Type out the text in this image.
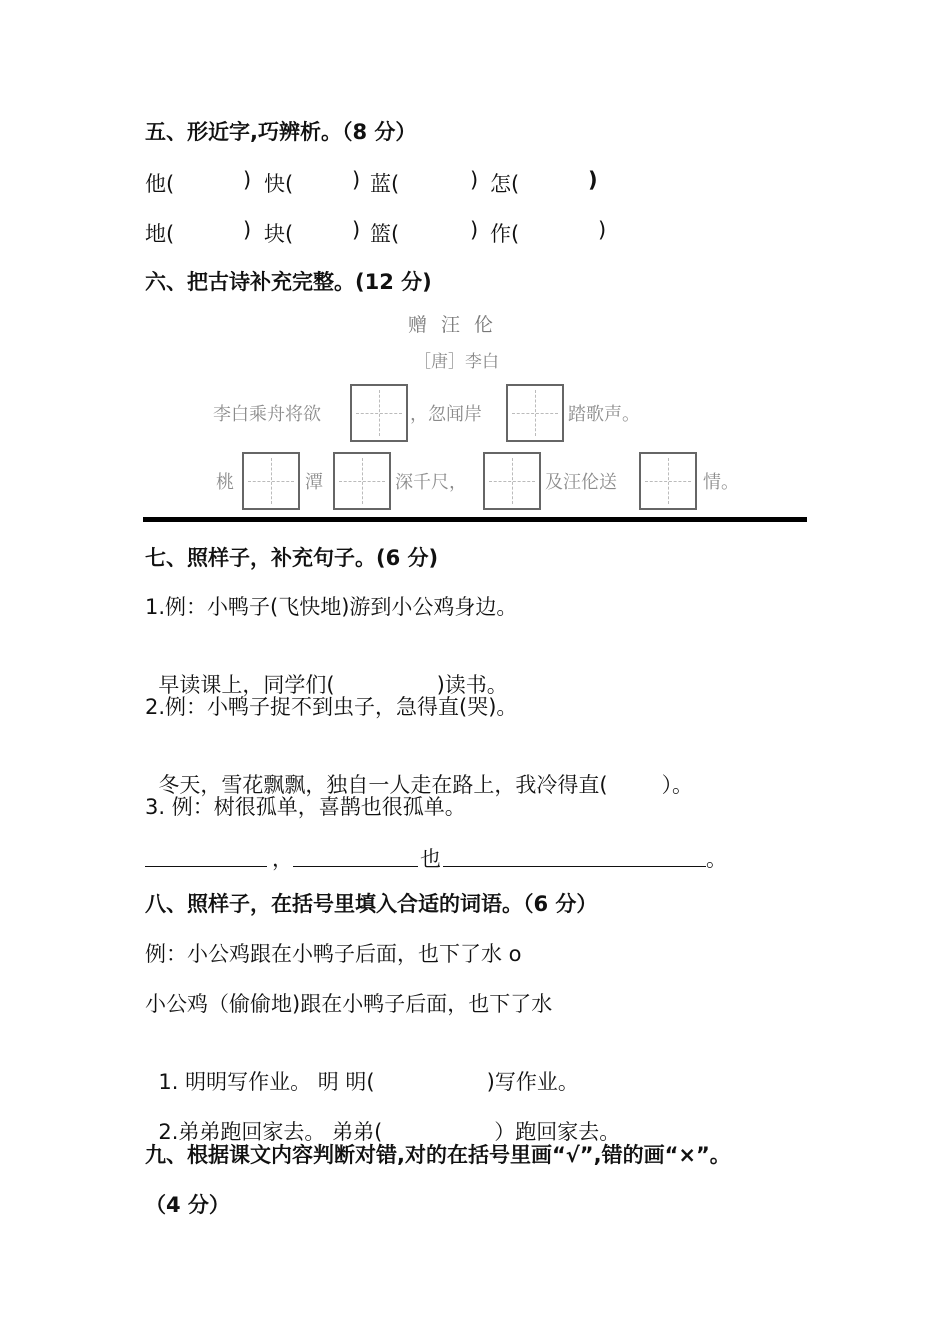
五、形近字,巧辨析。（8 分）
他(	) 快(	) 蓝(	) 怎(	)
地(	) 块(	) 篮(	) 作(	)
六、把古诗补充完整。(12 分)
赠汪伦
［唐］李白
李白乘舟将欲	，忽闻岸	踏歌声。
桃	潭	深千尺，	及汪伦送	情。
七、照样子，补充句子。(6 分)
1.例：小鸭子(飞快地)游到小公鸡身边。

早读课上，同学们(	)读书。

2.例：小鸭子捉不到虫子，急得直(哭)。

冬天，雪花飘飘，独自一人走在路上，我冷得直(	）。

3. 例：树很孤单，喜鹊也很孤单。
，	也	。
八、照样子，在括号里填入合适的词语。（6 分）
例：小公鸡跟在小鸭子后面，也下了水 o
小公鸡（偷偷地)跟在小鸭子后面，也下了水

1. 明明写作业。 明 明(	)写作业。

2.弟弟跑回家去。 弟弟(	）跑回家去。

九、根据课文内容判断对错,对的在括号里画“√”,错的画“×”。
（4 分）
